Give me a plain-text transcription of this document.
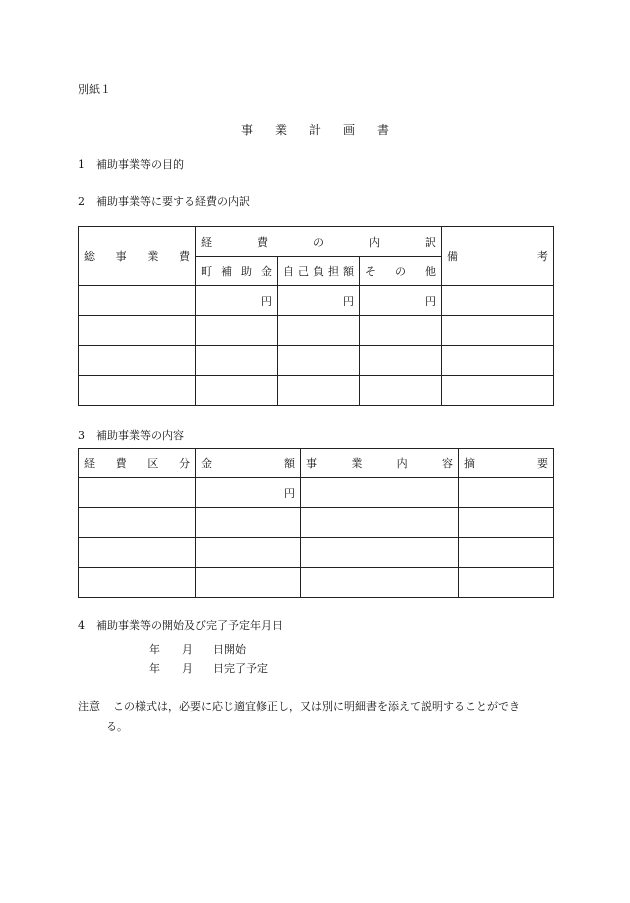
別紙１
事業計画書
1　補助事業等の目的
2　補助事業等に要する経費の内訳
総事業費	経費の内訳			備考
	町補助金	自己負担額	その他	
	円	円	円	

3　補助事業等の内容
経費区分	金額	事業内容	摘要
	円		

4　補助事業等の開始及び完了予定年月日
年 月 日開始
年 月 日完了予定
注意 この様式は，必要に応じ適宜修正し，又は別に明細書を添えて説明することができ
る。
